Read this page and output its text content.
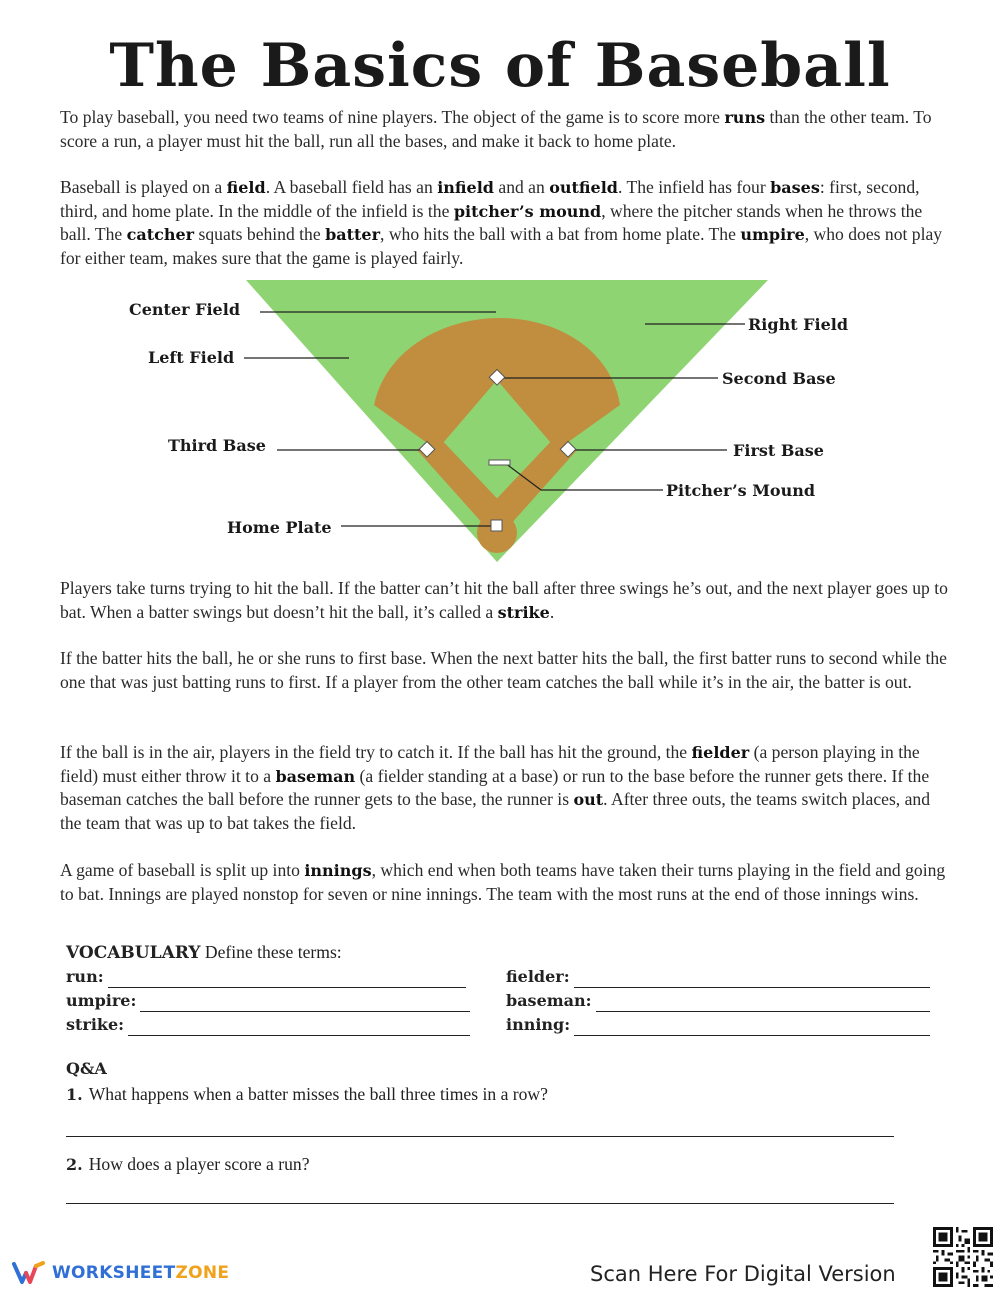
The Basics of Baseball

To play baseball, you need two teams of nine players. The object of the game is to score more runs than the other team. To score a run, a player must hit the ball, run all the bases, and make it back to home plate.

Baseball is played on a field. A baseball field has an infield and an outfield. The infield has four bases: first, second, third, and home plate. In the middle of the infield is the pitcher’s mound, where the pitcher stands when he throws the ball. The catcher squats behind the batter, who hits the ball with a bat from home plate. The umpire, who does not play for either team, makes sure that the game is played fairly.

Center Field
Left Field
Third Base
Home Plate
Right Field
Second Base
First Base
Pitcher’s Mound

Players take turns trying to hit the ball. If the batter can’t hit the ball after three swings he’s out, and the next player goes up to bat. When a batter swings but doesn’t hit the ball, it’s called a strike.

If the batter hits the ball, he or she runs to first base. When the next batter hits the ball, the first batter runs to second while the one that was just batting runs to first. If a player from the other team catches the ball while it’s in the air, the batter is out.

If the ball is in the air, players in the field try to catch it. If the ball has hit the ground, the fielder (a person playing in the field) must either throw it to a baseman (a fielder standing at a base) or run to the base before the runner gets there. If the baseman catches the ball before the runner gets to the base, the runner is out. After three outs, the teams switch places, and the team that was up to bat takes the field.

A game of baseball is split up into innings, which end when both teams have taken their turns playing in the field and going to bat. Innings are played nonstop for seven or nine innings. The team with the most runs at the end of those innings wins.

VOCABULARY Define these terms:

run:
umpire:
strike:
fielder:
baseman:
inning:

Q&A

1. What happens when a batter misses the ball three times in a row?
2. How does a player score a run?
WORKSHEET ZONE	Scan Here For Digital Version
